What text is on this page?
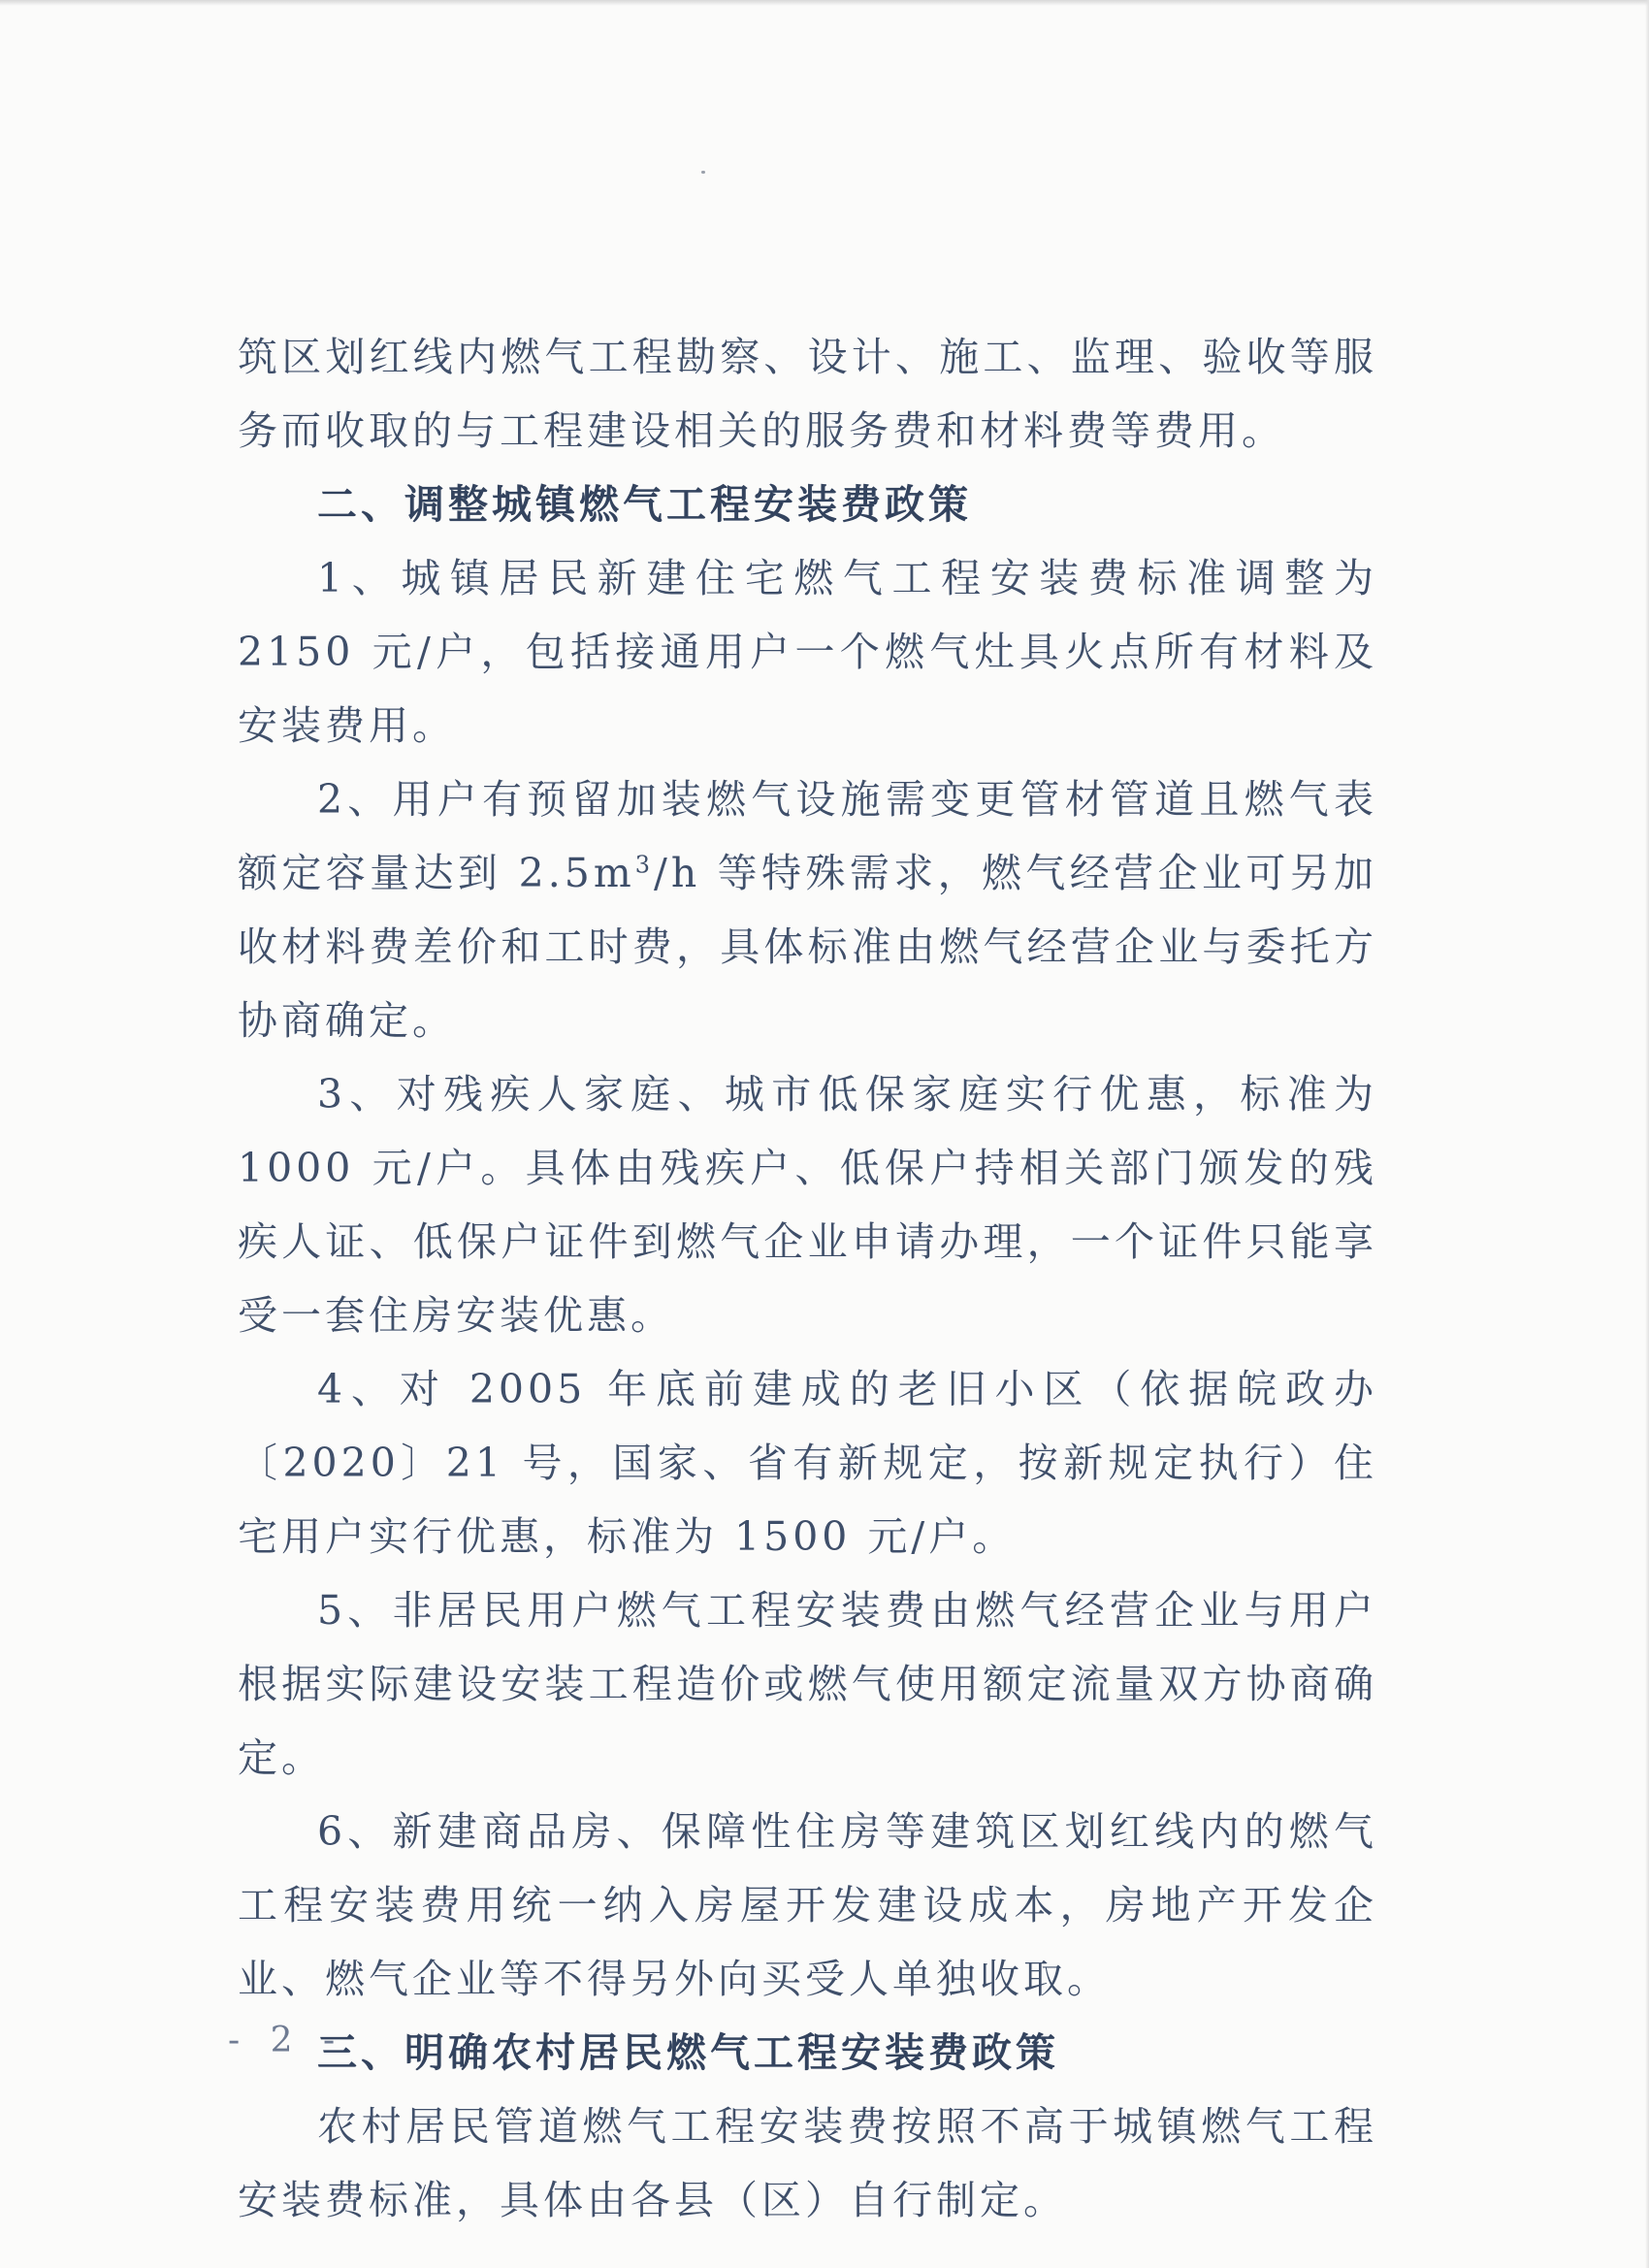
筑区划红线内燃气工程勘察、设计、施工、监理、验收等服务而收取的与工程建设相关的服务费和材料费等费用。

二、调整城镇燃气工程安装费政策

1、城镇居民新建住宅燃气工程安装费标准调整为 2150 元/户，包括接通用户一个燃气灶具火点所有材料及安装费用。

2、用户有预留加装燃气设施需变更管材管道且燃气表额定容量达到 $2.5m^3/h$ 等特殊需求，燃气经营企业可另加收材料费差价和工时费，具体标准由燃气经营企业与委托方协商确定。

3、对残疾人家庭、城市低保家庭实行优惠，标准为 1000 元/户。具体由残疾户、低保户持相关部门颁发的残疾人证、低保户证件到燃气企业申请办理，一个证件只能享受一套住房安装优惠。

4、对 2005 年底前建成的老旧小区（依据皖政办〔2020〕21 号，国家、省有新规定，按新规定执行）住宅用户实行优惠，标准为 1500 元/户。

5、非居民用户燃气工程安装费由燃气经营企业与用户根据实际建设安装工程造价或燃气使用额定流量双方协商确定。

6、新建商品房、保障性住房等建筑区划红线内的燃气工程安装费用统一纳入房屋开发建设成本，房地产开发企业、燃气企业等不得另外向买受人单独收取。

三、明确农村居民燃气工程安装费政策

农村居民管道燃气工程安装费按照不高于城镇燃气工程安装费标准，具体由各县（区）自行制定。

- 2 -
